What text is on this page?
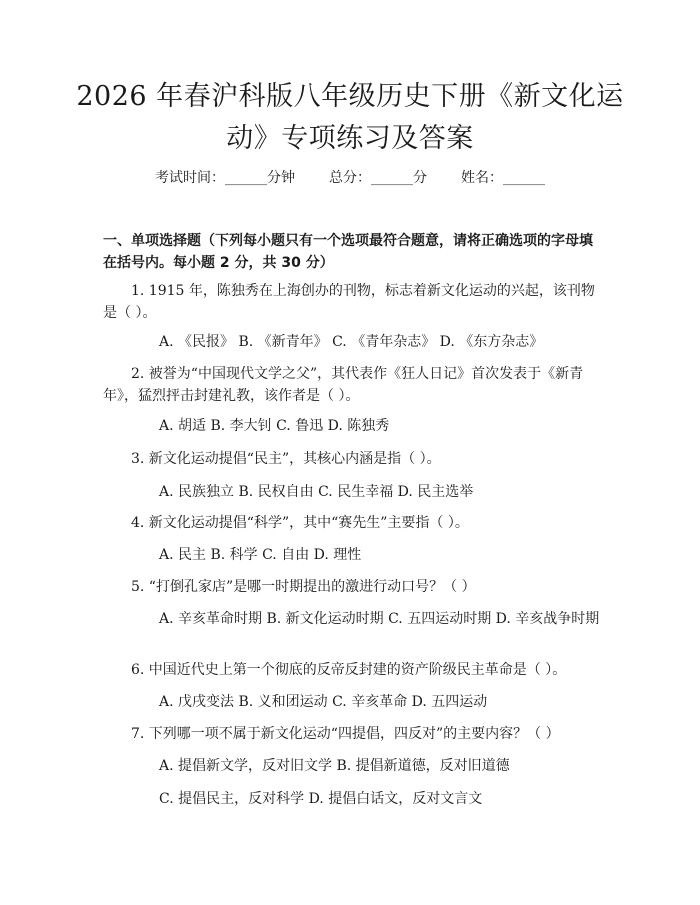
2026 年春沪科版八年级历史下册《新文化运
动》专项练习及答案
考试时间：______分钟 总分：______分 姓名：______
一、单项选择题（下列每小题只有一个选项最符合题意，请将正确选项的字母填
在括号内。每小题 2 分，共 30 分）
1. 1915 年，陈独秀在上海创办的刊物，标志着新文化运动的兴起，该刊物是（ ）。
A. 《民报》 B. 《新青年》 C. 《青年杂志》 D. 《东方杂志》
2. 被誉为“中国现代文学之父”，其代表作《狂人日记》首次发表于《新青年》，猛烈抨击封建礼教，该作者是（ ）。
A. 胡适 B. 李大钊 C. 鲁迅 D. 陈独秀
3. 新文化运动提倡“民主”，其核心内涵是指（ ）。
A. 民族独立 B. 民权自由 C. 民生幸福 D. 民主选举
4. 新文化运动提倡“科学”，其中“赛先生”主要指（ ）。
A. 民主 B. 科学 C. 自由 D. 理性
5. “打倒孔家店”是哪一时期提出的激进行动口号？（ ）
A. 辛亥革命时期 B. 新文化运动时期 C. 五四运动时期 D. 辛亥战争时期
6. 中国近代史上第一个彻底的反帝反封建的资产阶级民主革命是（ ）。
A. 戊戌变法 B. 义和团运动 C. 辛亥革命 D. 五四运动
7. 下列哪一项不属于新文化运动“四提倡，四反对”的主要内容？（ ）
A. 提倡新文学，反对旧文学 B. 提倡新道德，反对旧道德
C. 提倡民主，反对科学 D. 提倡白话文，反对文言文
